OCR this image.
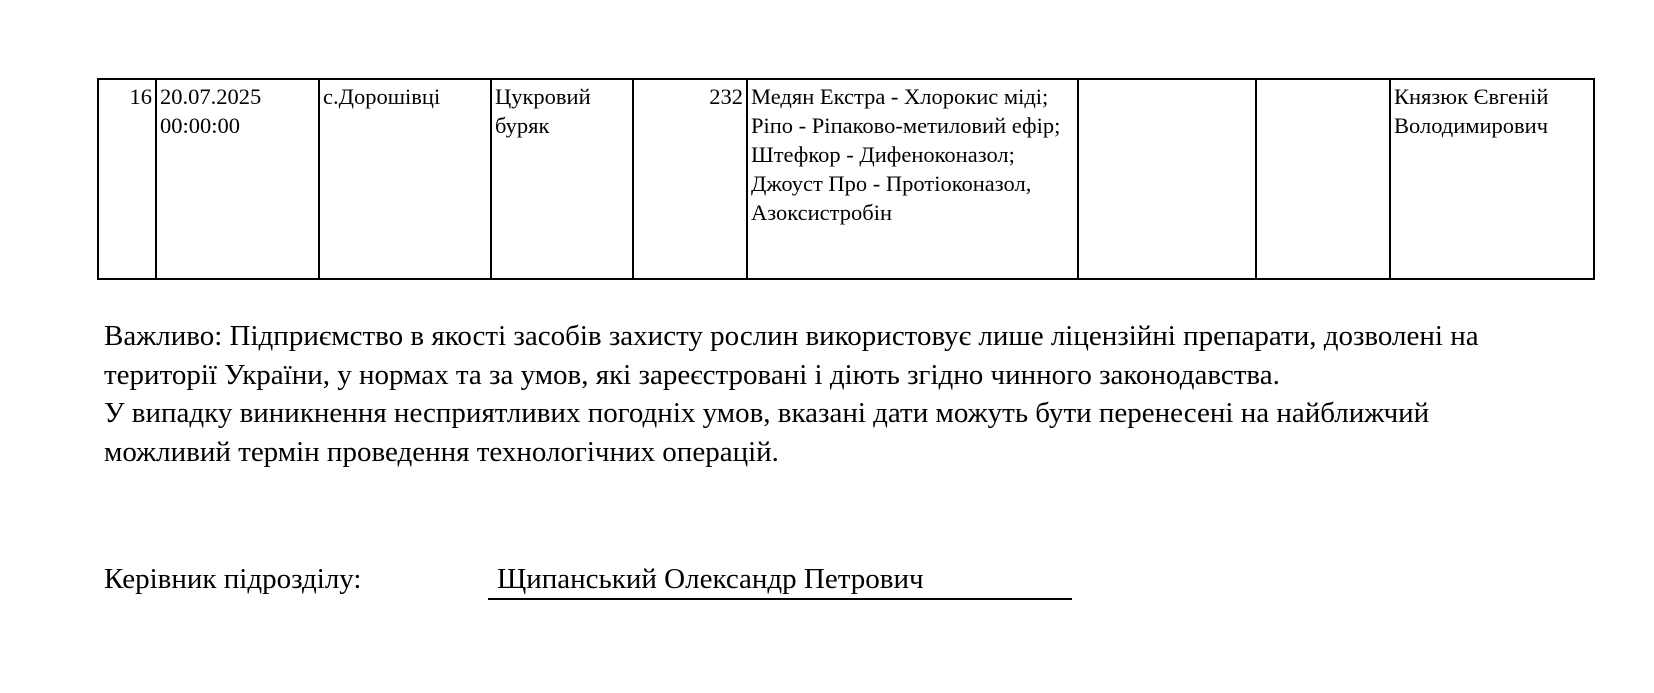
16	20.07.2025
00:00:00	с.Дорошівці	Цукровий буряк	232	Медян Екстра - Хлорокис міді;
Ріпо - Ріпаково-метиловий ефір;
Штефкор - Дифеноконазол;
Джоуст Про - Протіоконазол, Азоксистробін			Князюк Євгеній Володимирович

Важливо: Підприємство в якості засобів захисту рослин використовує лише ліцензійні препарати, дозволені на території України, у нормах та за умов, які зареєстровані і діють згідно чинного законодавства.

У випадку виникнення несприятливих погодніх умов, вказані дати можуть бути перенесені на найближчий можливий термін проведення технологічних операцій.

Керівник підрозділу:	Щипанський Олександр Петрович
